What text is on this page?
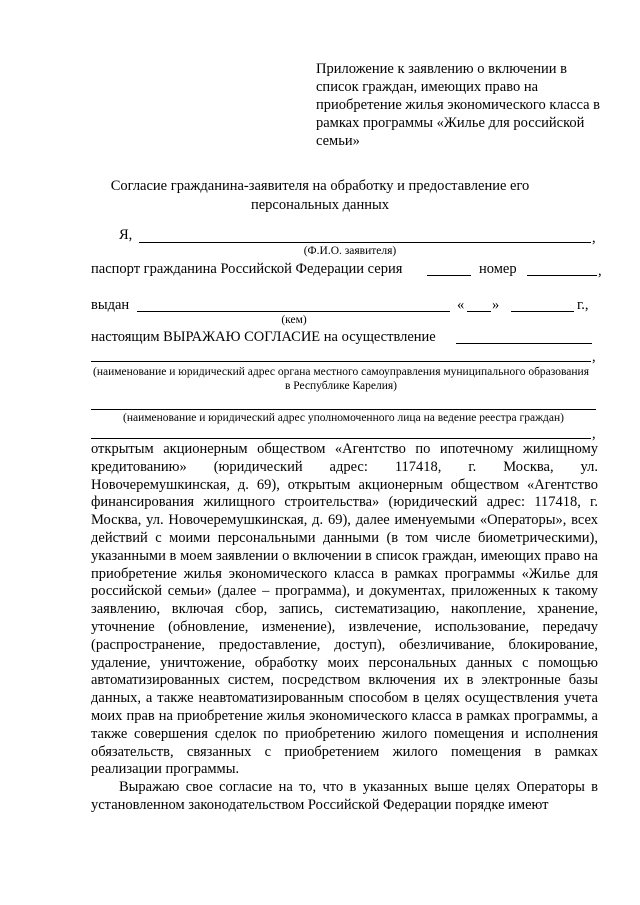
Приложение к заявлению о включении в список граждан, имеющих право на приобретение жилья экономического класса в рамках программы «Жилье для российской семьи»
Согласие гражданина-заявителя на обработку и предоставление его персональных данных
Я,	,
(Ф.И.О. заявителя)
паспорт гражданина Российской Федерации серия	номер	,
выдан	« »	г.,
(кем)
настоящим ВЫРАЖАЮ СОГЛАСИЕ на осуществление
,
(наименование и юридический адрес органа местного самоуправления муниципального образования в Республике Карелия)
(наименование и юридический адрес уполномоченного лица на ведение реестра граждан)
,

открытым акционерным обществом «Агентство по ипотечному жилищному кредитованию» (юридический адрес: 117418, г. Москва, ул. Новочеремушкинская, д. 69), открытым акционерным обществом «Агентство финансирования жилищного строительства» (юридический адрес: 117418, г. Москва, ул. Новочеремушкинская, д. 69), далее именуемыми «Операторы», всех действий с моими персональными данными (в том числе биометрическими), указанными в моем заявлении о включении в список граждан, имеющих право на приобретение жилья экономического класса в рамках программы «Жилье для российской семьи» (далее – программа), и документах, приложенных к такому заявлению, включая сбор, запись, систематизацию, накопление, хранение, уточнение (обновление, изменение), извлечение, использование, передачу (распространение, предоставление, доступ), обезличивание, блокирование, удаление, уничтожение, обработку моих персональных данных с помощью автоматизированных систем, посредством включения их в электронные базы данных, а также неавтоматизированным способом в целях осуществления учета моих прав на приобретение жилья экономического класса в рамках программы, а также совершения сделок по приобретению жилого помещения и исполнения обязательств, связанных с приобретением жилого помещения в рамках реализации программы.

Выражаю свое согласие на то, что в указанных выше целях Операторы в установленном законодательством Российской Федерации порядке имеют
